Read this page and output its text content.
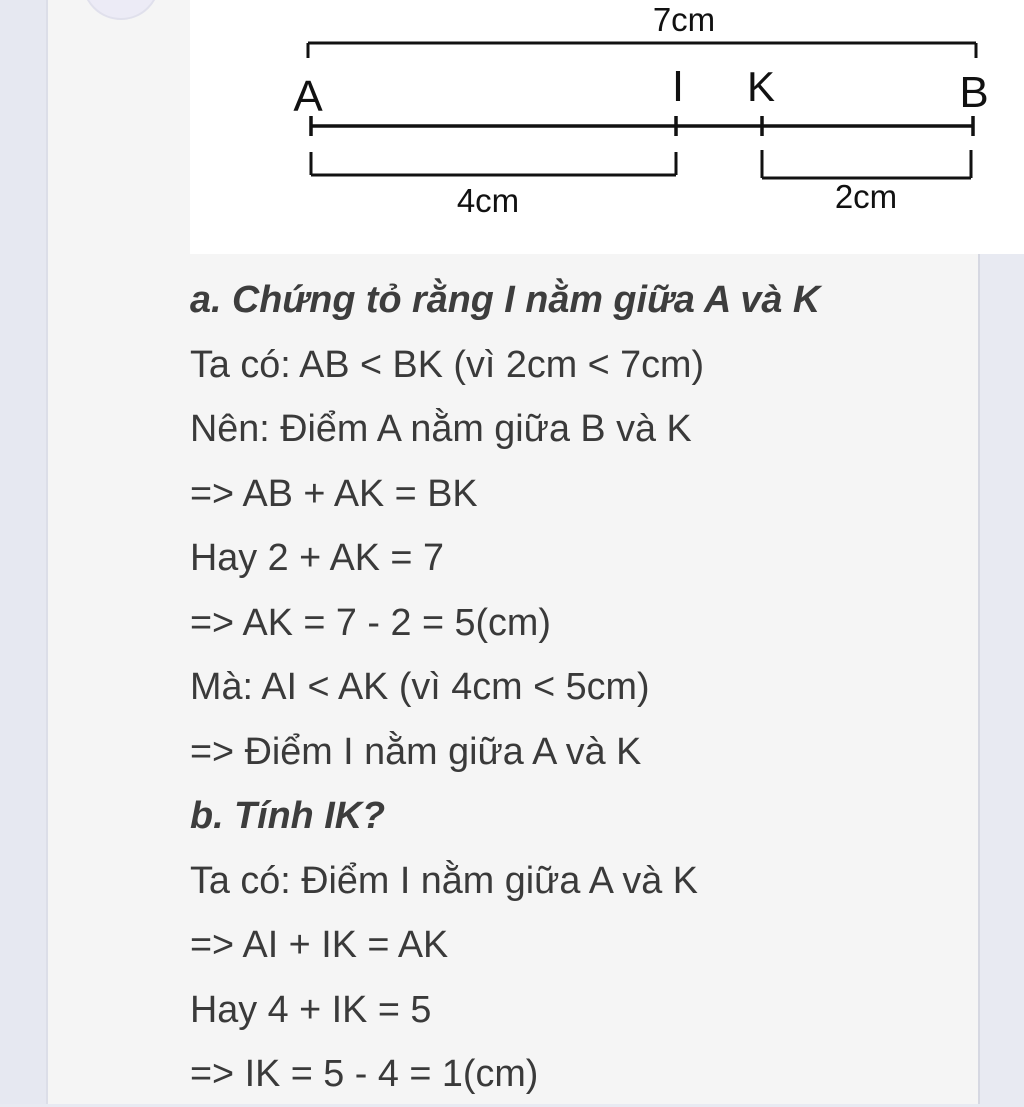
7cm
A	I K	B
4cm	2cm
a. Chứng tỏ rằng I nằm giữa A và K
Ta có: AB < BK (vì 2cm < 7cm)
Nên: Điểm A nằm giữa B và K
=> AB + AK = BK
Hay 2 + AK = 7
=> AK = 7 - 2 = 5(cm)
Mà: AI < AK (vì 4cm < 5cm)
=> Điểm I nằm giữa A và K
b. Tính IK?
Ta có: Điểm I nằm giữa A và K
=> AI + IK = AK
Hay 4 + IK = 5
=> IK = 5 - 4 = 1(cm)
